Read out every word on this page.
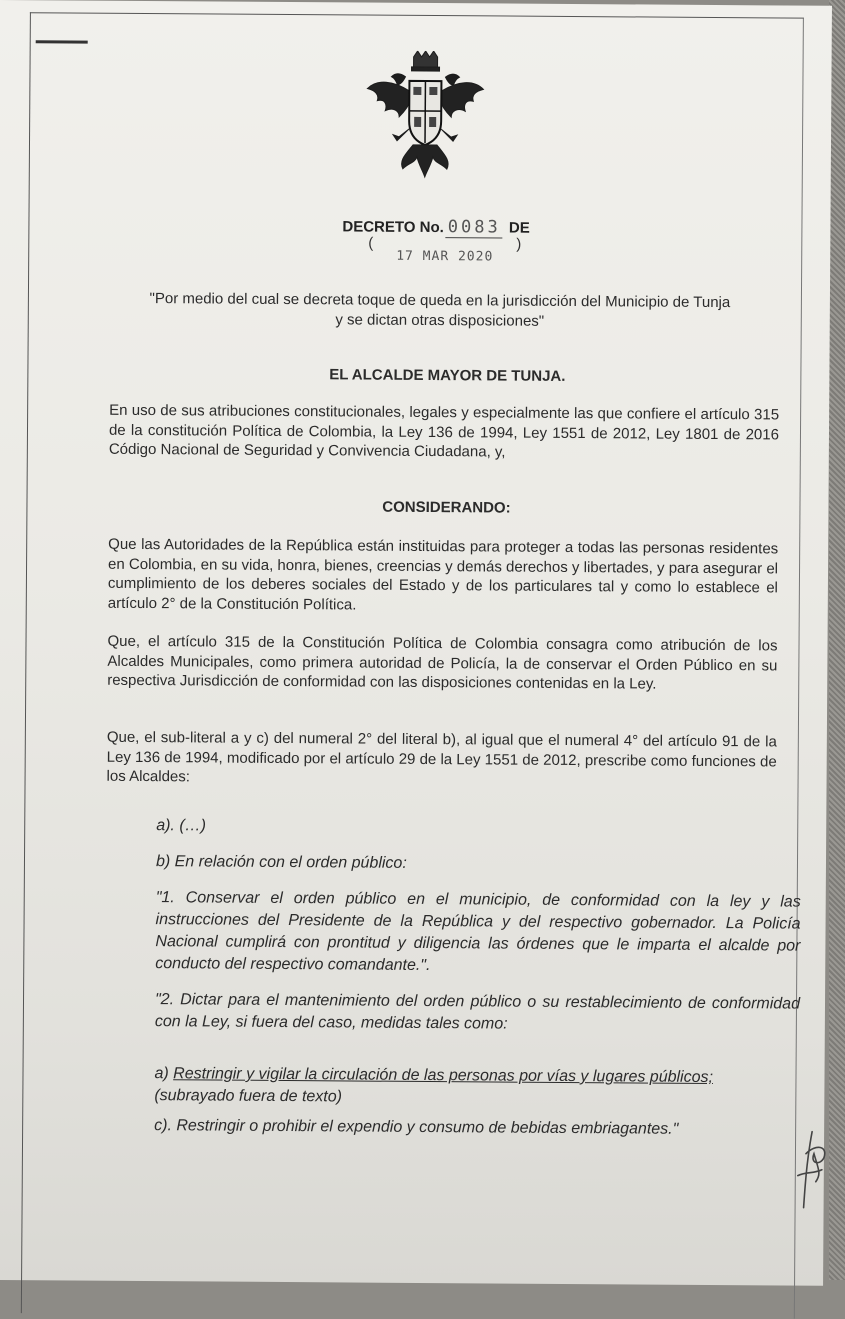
DECRETO No. 0083 DE
(	)
17 MAR 2020
"Por medio del cual se decreta toque de queda en la jurisdicción del Municipio de Tunja
y se dictan otras disposiciones"
EL ALCALDE MAYOR DE TUNJA.
En uso de sus atribuciones constitucionales, legales y especialmente las que confiere el artículo 315 de la constitución Política de Colombia, la Ley 136 de 1994, Ley 1551 de 2012, Ley 1801 de 2016 Código Nacional de Seguridad y Convivencia Ciudadana, y,
CONSIDERANDO:
Que las Autoridades de la República están instituidas para proteger a todas las personas residentes en Colombia, en su vida, honra, bienes, creencias y demás derechos y libertades, y para asegurar el cumplimiento de los deberes sociales del Estado y de los particulares tal y como lo establece el artículo 2° de la Constitución Política.
Que, el artículo 315 de la Constitución Política de Colombia consagra como atribución de los Alcaldes Municipales, como primera autoridad de Policía, la de conservar el Orden Público en su respectiva Jurisdicción de conformidad con las disposiciones contenidas en la Ley.
Que, el sub-literal a y c) del numeral 2° del literal b), al igual que el numeral 4° del artículo 91 de la Ley 136 de 1994, modificado por el artículo 29 de la Ley 1551 de 2012, prescribe como funciones de los Alcaldes:
a). (…)
b) En relación con el orden público:
"1. Conservar el orden público en el municipio, de conformidad con la ley y las instrucciones del Presidente de la República y del respectivo gobernador. La Policía Nacional cumplirá con prontitud y diligencia las órdenes que le imparta el alcalde por conducto del respectivo comandante.".
"2. Dictar para el mantenimiento del orden público o su restablecimiento de conformidad con la Ley, si fuera del caso, medidas tales como:
a) Restringir y vigilar la circulación de las personas por vías y lugares públicos;
(subrayado fuera de texto)
c). Restringir o prohibir el expendio y consumo de bebidas embriagantes."
